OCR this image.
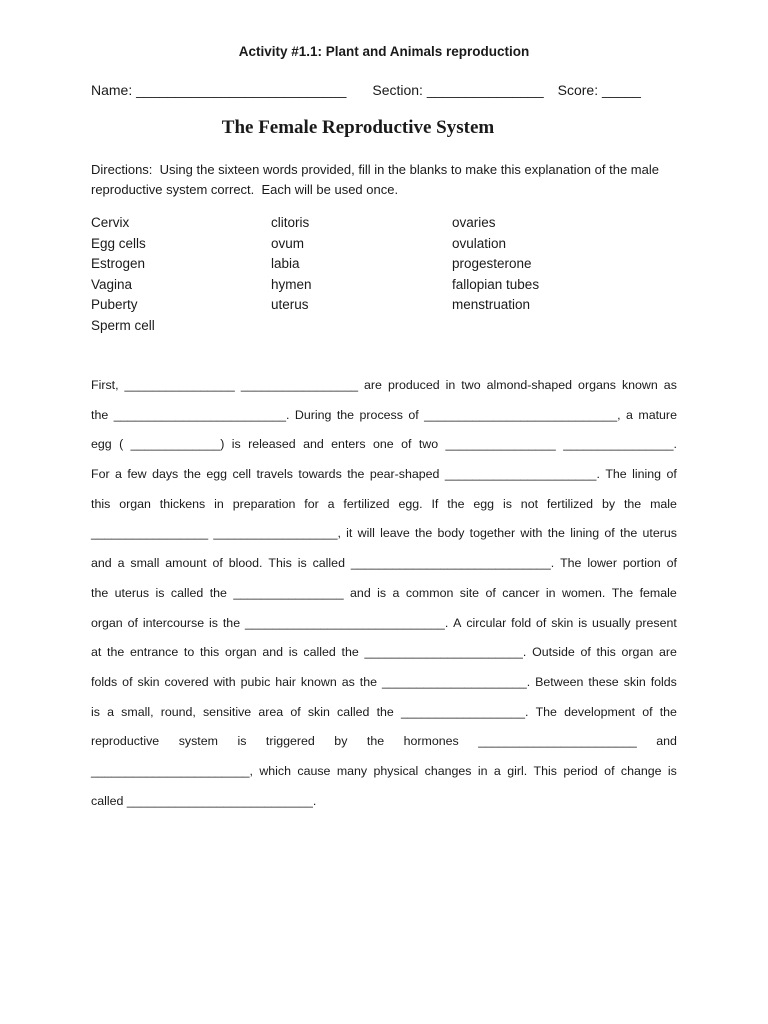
Activity #1.1: Plant and Animals reproduction
Name: ___________________________ Section: _______________ Score: _____
The Female Reproductive System
Directions:  Using the sixteen words provided, fill in the blanks to make this explanation of the male
reproductive system correct.  Each will be used once.
Cervix
Egg cells
Estrogen
Vagina
Puberty
Sperm cell
clitoris
ovum
labia
hymen
uterus
ovaries
ovulation
progesterone
fallopian tubes
menstruation
First, ________________ _________________ are produced in two almond-shaped organs known as
the _________________________. During the process of ____________________________, a mature
egg ( _____________) is released and enters one of two ________________ ________________.
For a few days the egg cell travels towards the pear-shaped ______________________. The lining of
this organ thickens in preparation for a fertilized egg. If the egg is not fertilized by the male
_________________ __________________, it will leave the body together with the lining of the uterus
and a small amount of blood. This is called _____________________________. The lower portion of
the uterus is called the ________________ and is a common site of cancer in women. The female
organ of intercourse is the _____________________________. A circular fold of skin is usually present
at the entrance to this organ and is called the _______________________. Outside of this organ are
folds of skin covered with pubic hair known as the _____________________. Between these skin folds
is a small, round, sensitive area of skin called the __________________. The development of the
reproductive system is triggered by the hormones _______________________ and
_______________________, which cause many physical changes in a girl. This period of change is
called ___________________________.
